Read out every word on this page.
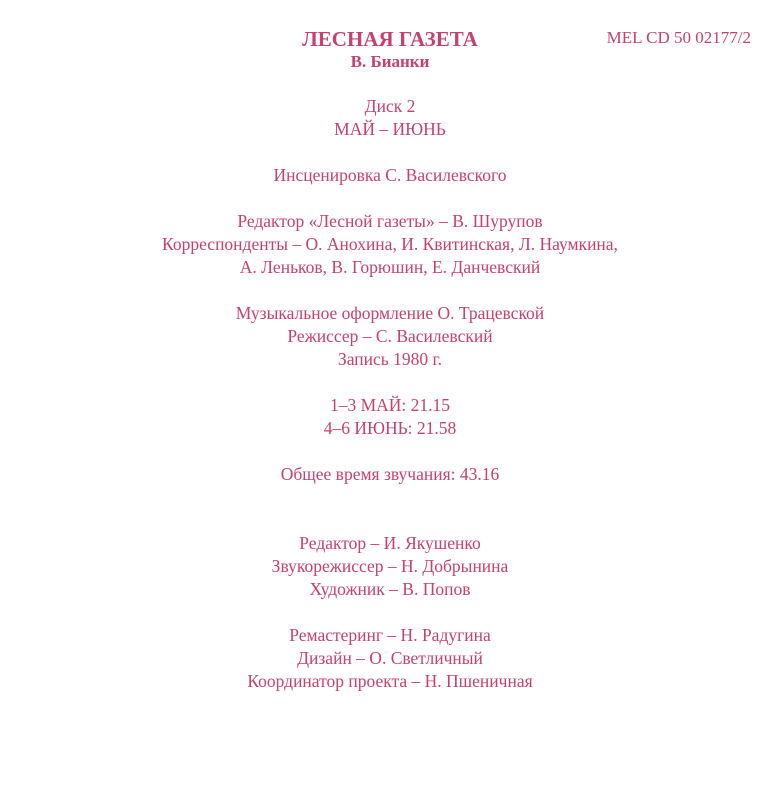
MEL CD 50 02177/2
ЛЕСНАЯ ГАЗЕТА
В. Бианки
Диск 2
МАЙ – ИЮНЬ
Инсценировка С. Василевского
Редактор «Лесной газеты» – В. Шурупов
Корреспонденты – О. Анохина, И. Квитинская, Л. Наумкина,
А. Леньков, В. Горюшин, Е. Данчевский
Музыкальное оформление О. Трацевской
Режиссер – С. Василевский
Запись 1980 г.
1–3 МАЙ: 21.15
4–6 ИЮНЬ: 21.58
Общее время звучания: 43.16
Редактор – И. Якушенко
Звукорежиссер – Н. Добрынина
Художник – В. Попов
Ремастеринг – Н. Радугина
Дизайн – О. Светличный
Координатор проекта – Н. Пшеничная
